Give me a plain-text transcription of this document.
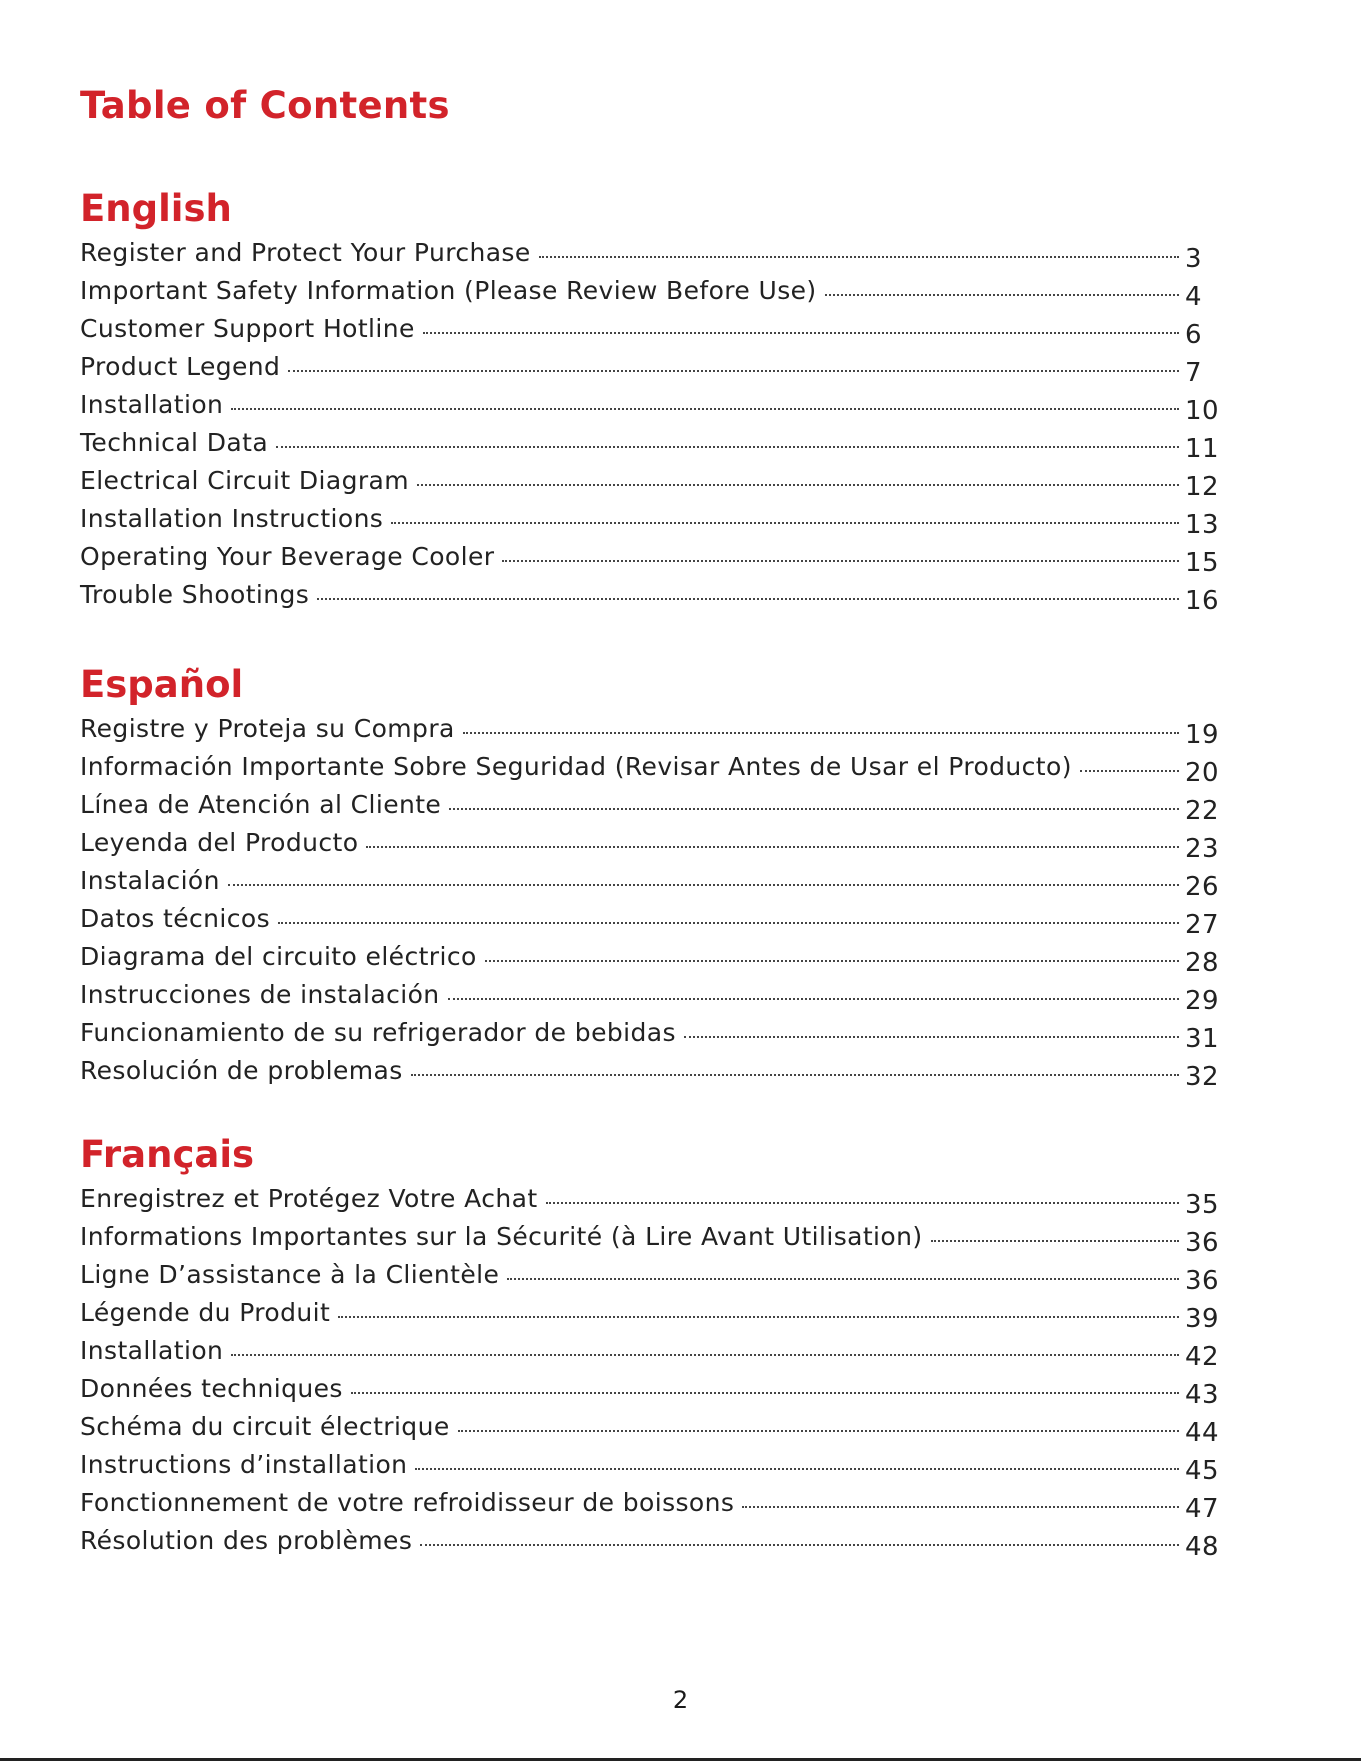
Table of Contents
English
Register and Protect Your Purchase	3
Important Safety Information (Please Review Before Use)	4
Customer Support Hotline	6
Product Legend	7
Installation	10
Technical Data	11
Electrical Circuit Diagram	12
Installation Instructions	13
Operating Your Beverage Cooler	15
Trouble Shootings	16
Español
Registre y Proteja su Compra	19
Información Importante Sobre Seguridad (Revisar Antes de Usar el Producto)	20
Línea de Atención al Cliente	22
Leyenda del Producto	23
Instalación	26
Datos técnicos	27
Diagrama del circuito eléctrico	28
Instrucciones de instalación	29
Funcionamiento de su refrigerador de bebidas	31
Resolución de problemas	32
Français
Enregistrez et Protégez Votre Achat	35
Informations Importantes sur la Sécurité (à Lire Avant Utilisation)	36
Ligne D’assistance à la Clientèle	36
Légende du Produit	39
Installation	42
Données techniques	43
Schéma du circuit électrique	44
Instructions d’installation	45
Fonctionnement de votre refroidisseur de boissons	47
Résolution des problèmes	48
2
